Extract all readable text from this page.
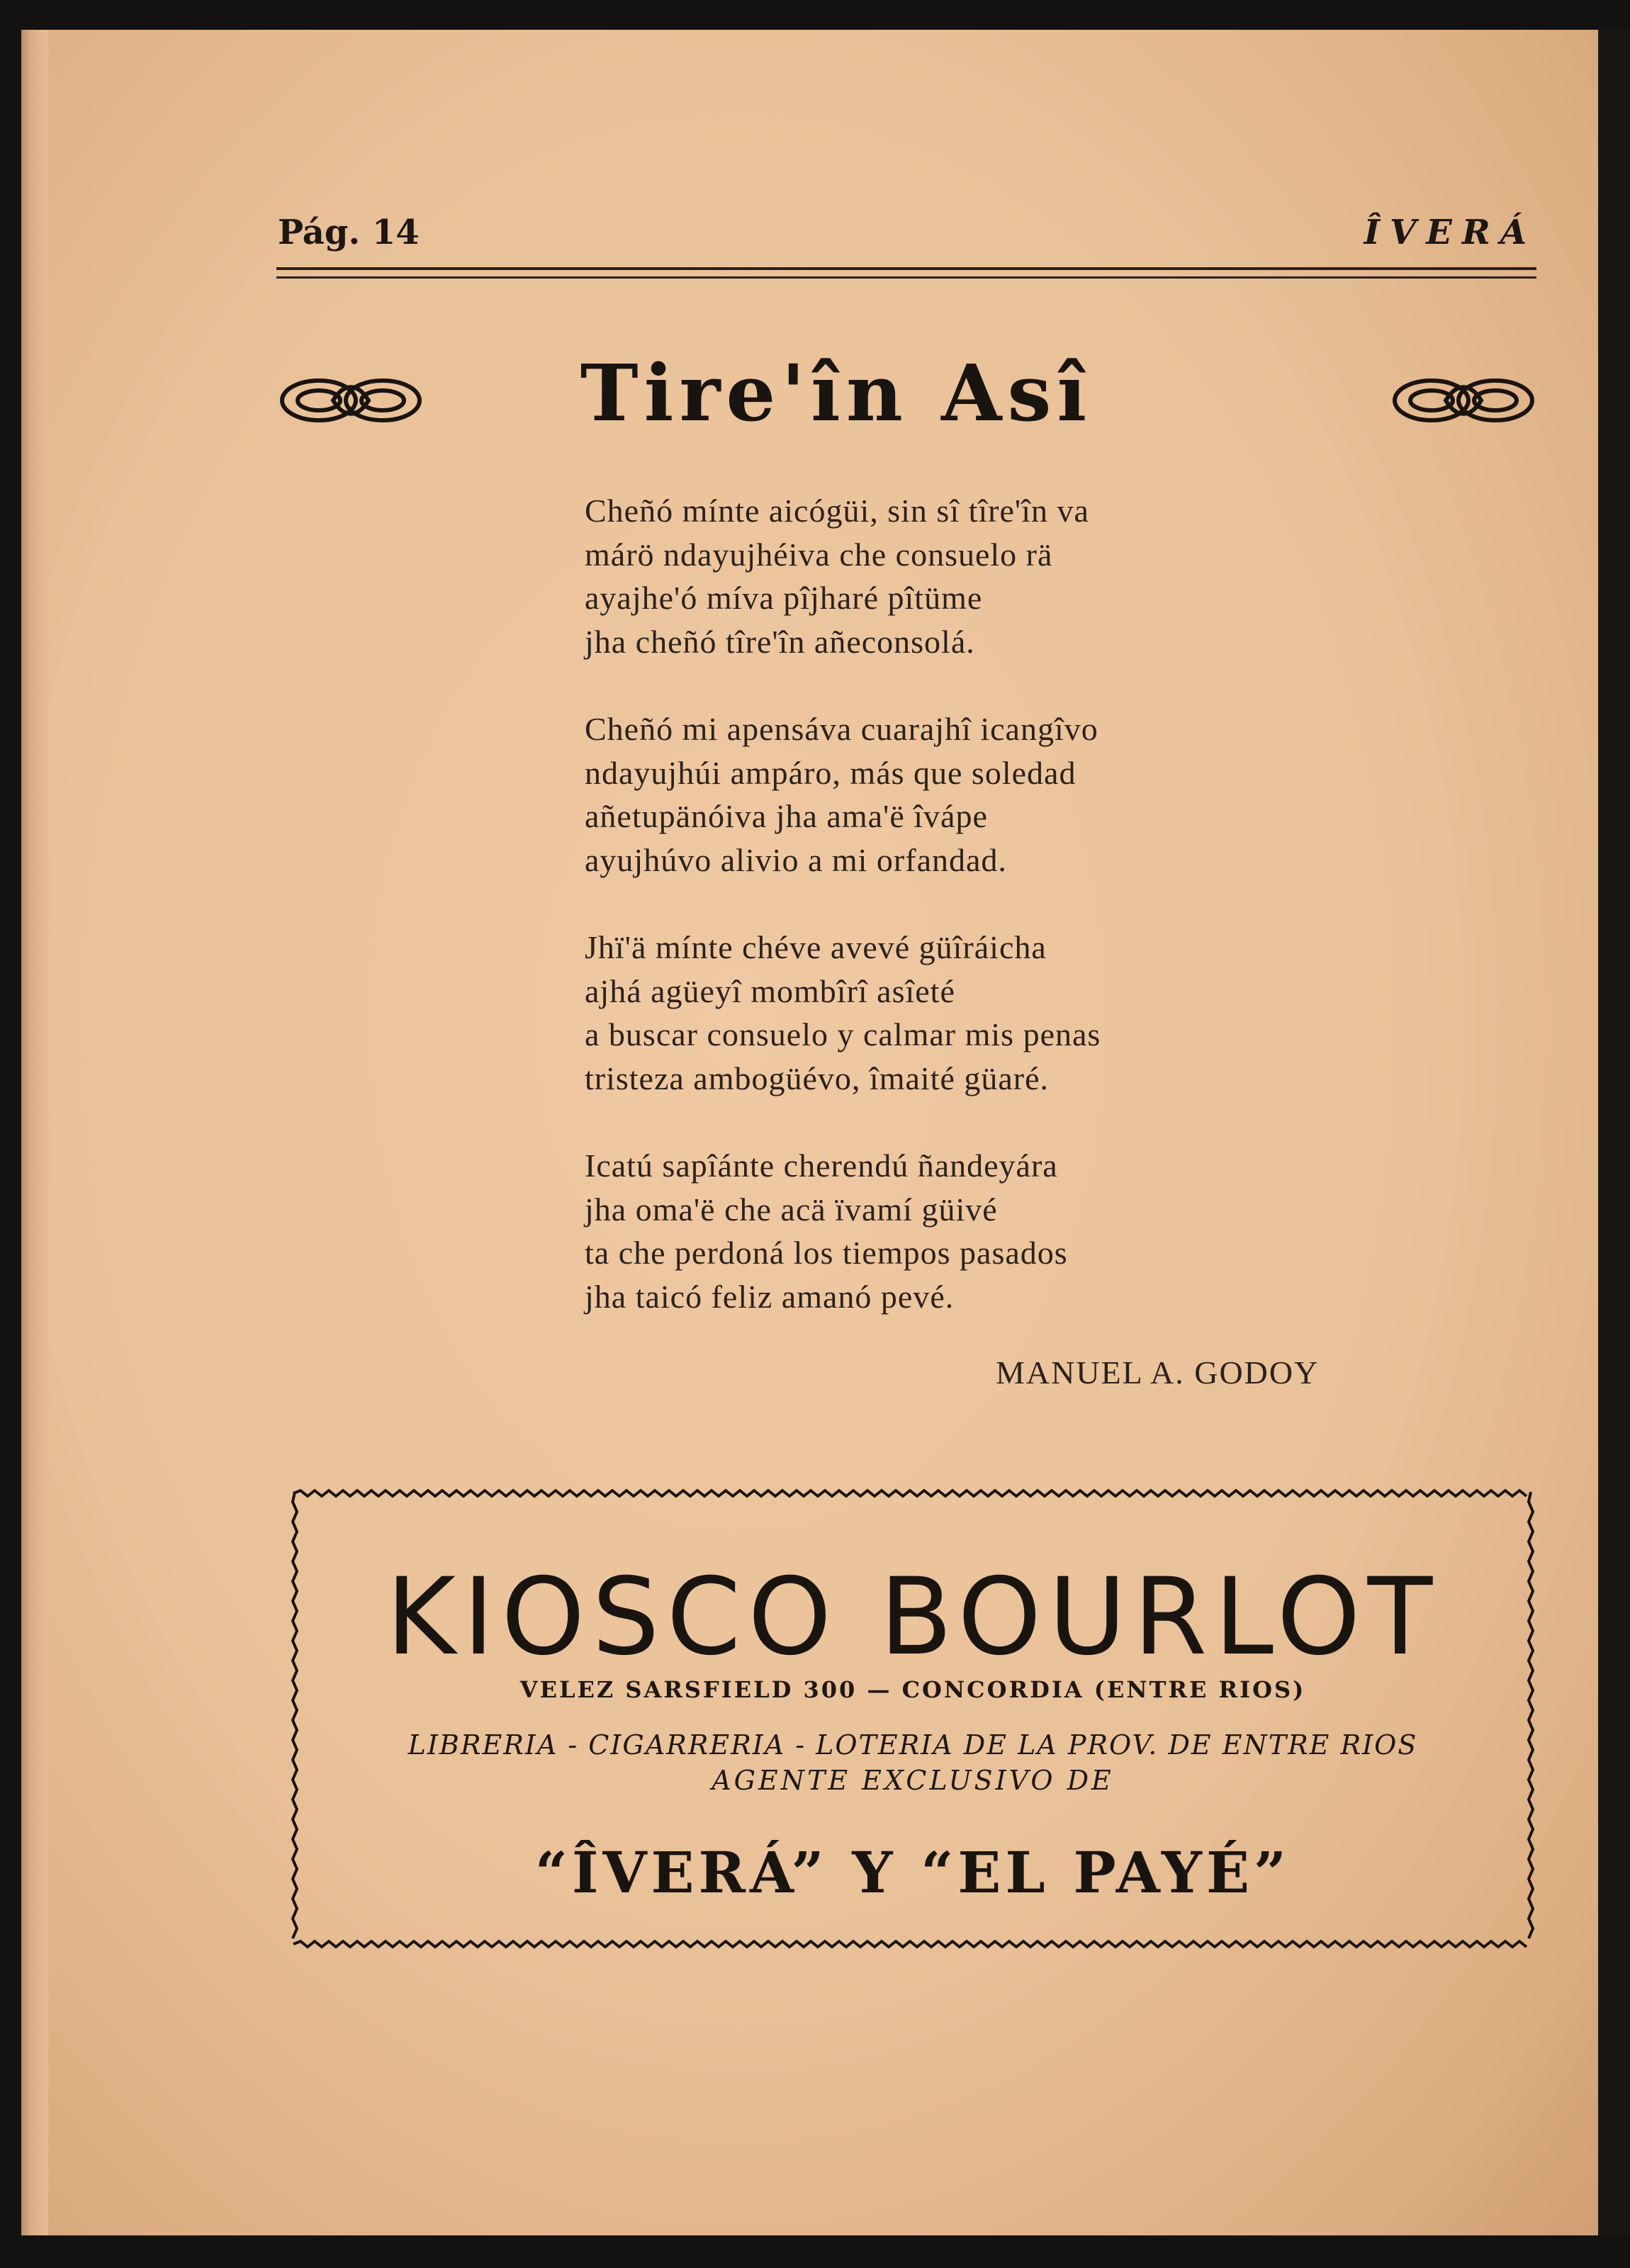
Pág. 14	ÎVERÁ
Tire'în Asî
Cheñó mínte aicógüi, sin sî tîre'în va
márö ndayujhéiva che consuelo rä
ayajhe'ó míva pîjharé pîtüme
jha cheñó tîre'în añeconsolá.
Cheñó mi apensáva cuarajhî icangîvo
ndayujhúi ampáro, más que soledad
añetupänóiva jha ama'ë îvápe
ayujhúvo alivio a mi orfandad.
Jhï'ä mínte chéve avevé güîráicha
ajhá agüeyî mombîrî asîeté
a buscar consuelo y calmar mis penas
tristeza ambogüévo, îmaité güaré.
Icatú sapîánte cherendú ñandeyára
jha oma'ë che acä ïvamí güivé
ta che perdoná los tiempos pasados
jha taicó feliz amanó pevé.
MANUEL A. GODOY
KIOSCO BOURLOT
VELEZ SARSFIELD 300 — CONCORDIA (ENTRE RIOS)
LIBRERIA - CIGARRERIA - LOTERIA DE LA PROV. DE ENTRE RIOS
AGENTE EXCLUSIVO DE
“ÎVERÁ” Y “EL PAYÉ”
